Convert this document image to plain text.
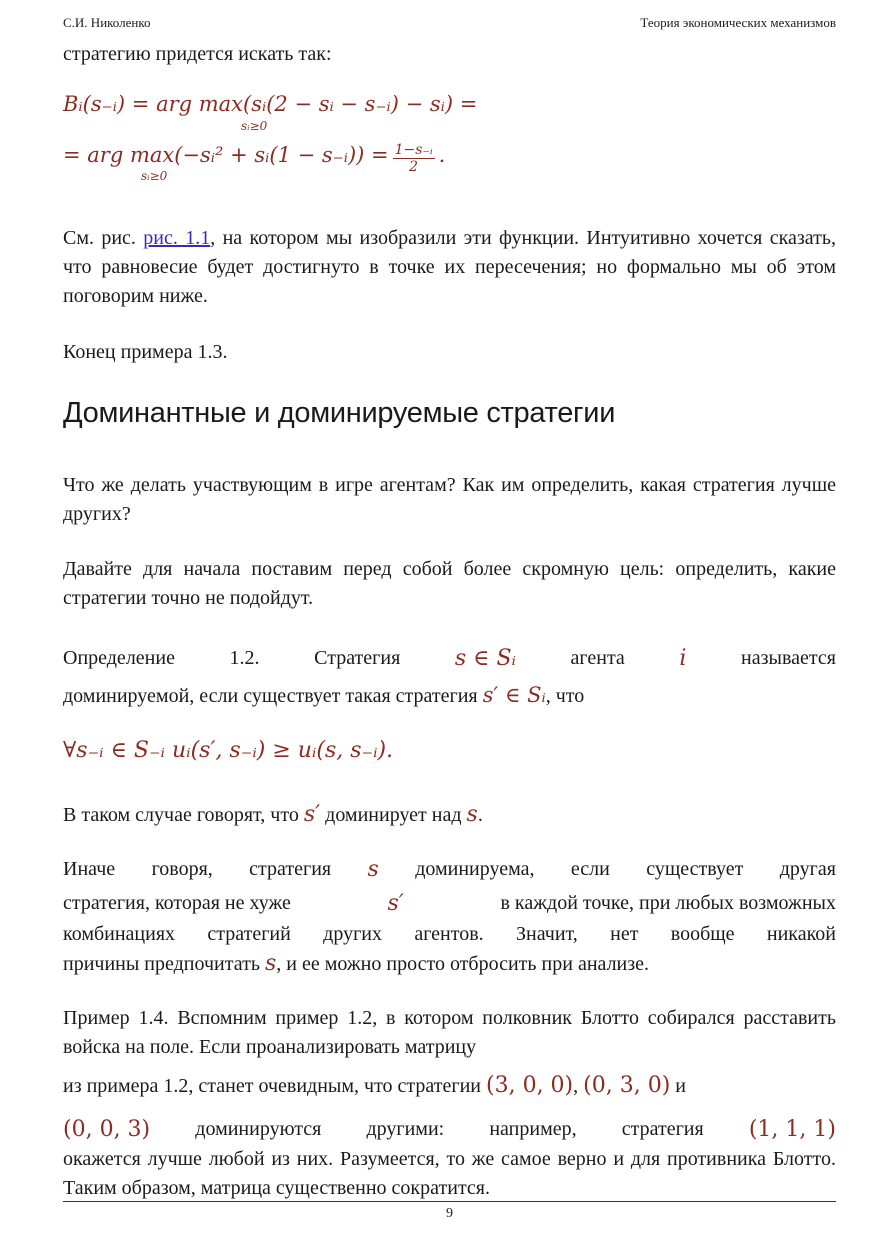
С.И. Николенко	Теория экономических механизмов
стратегию придется искать так:
Bᵢ(s₋ᵢ) = arg max(sᵢ(2 − sᵢ − s₋ᵢ) − sᵢ) =
sᵢ≥0
= arg max(−sᵢ² + sᵢ(1 − s₋ᵢ)) = $\frac{\text{1−s₋ᵢ}}{2}$ .
sᵢ≥0
См. рис. рис. 1.1, на котором мы изобразили эти функции. Интуитивно хочется сказать, что равновесие будет достигнуто в точке их пересечения; но формально мы об этом поговорим ниже.
Конец примера 1.3.
Доминантные и доминируемые стратегии
Что же делать участвующим в игре агентам? Как им определить, какая стратегия лучше других?
Давайте для начала поставим перед собой более скромную цель: определить, какие стратегии точно не подойдут.
Определение	1.2.	Стратегия s ∈ Sᵢ	агента i	называется
доминируемой, если существует такая стратегия s′ ∈ Sᵢ, что
∀s₋ᵢ ∈ S₋ᵢ uᵢ(s′, s₋ᵢ) ≥ uᵢ(s, s₋ᵢ).
В таком случае говорят, что s′ доминирует над s.
Иначе говоря, стратегия s доминируема, если существует другая
стратегия, которая не хуже	s′	в каждой точке, при любых возможных
комбинациях стратегий других агентов. Значит, нет вообще никакой
причины предпочитать s, и ее можно просто отбросить при анализе.
Пример 1.4. Вспомним пример 1.2, в котором полковник Блотто собирался расставить войска на поле. Если проанализировать матрицу
из примера 1.2, станет очевидным, что стратегии (3, 0, 0), (0, 3, 0) и
(0, 0, 3) доминируются другими: например, стратегия (1, 1, 1)
окажется лучше любой из них. Разумеется, то же самое верно и для противника Блотто. Таким образом, матрица существенно сократится.
9
